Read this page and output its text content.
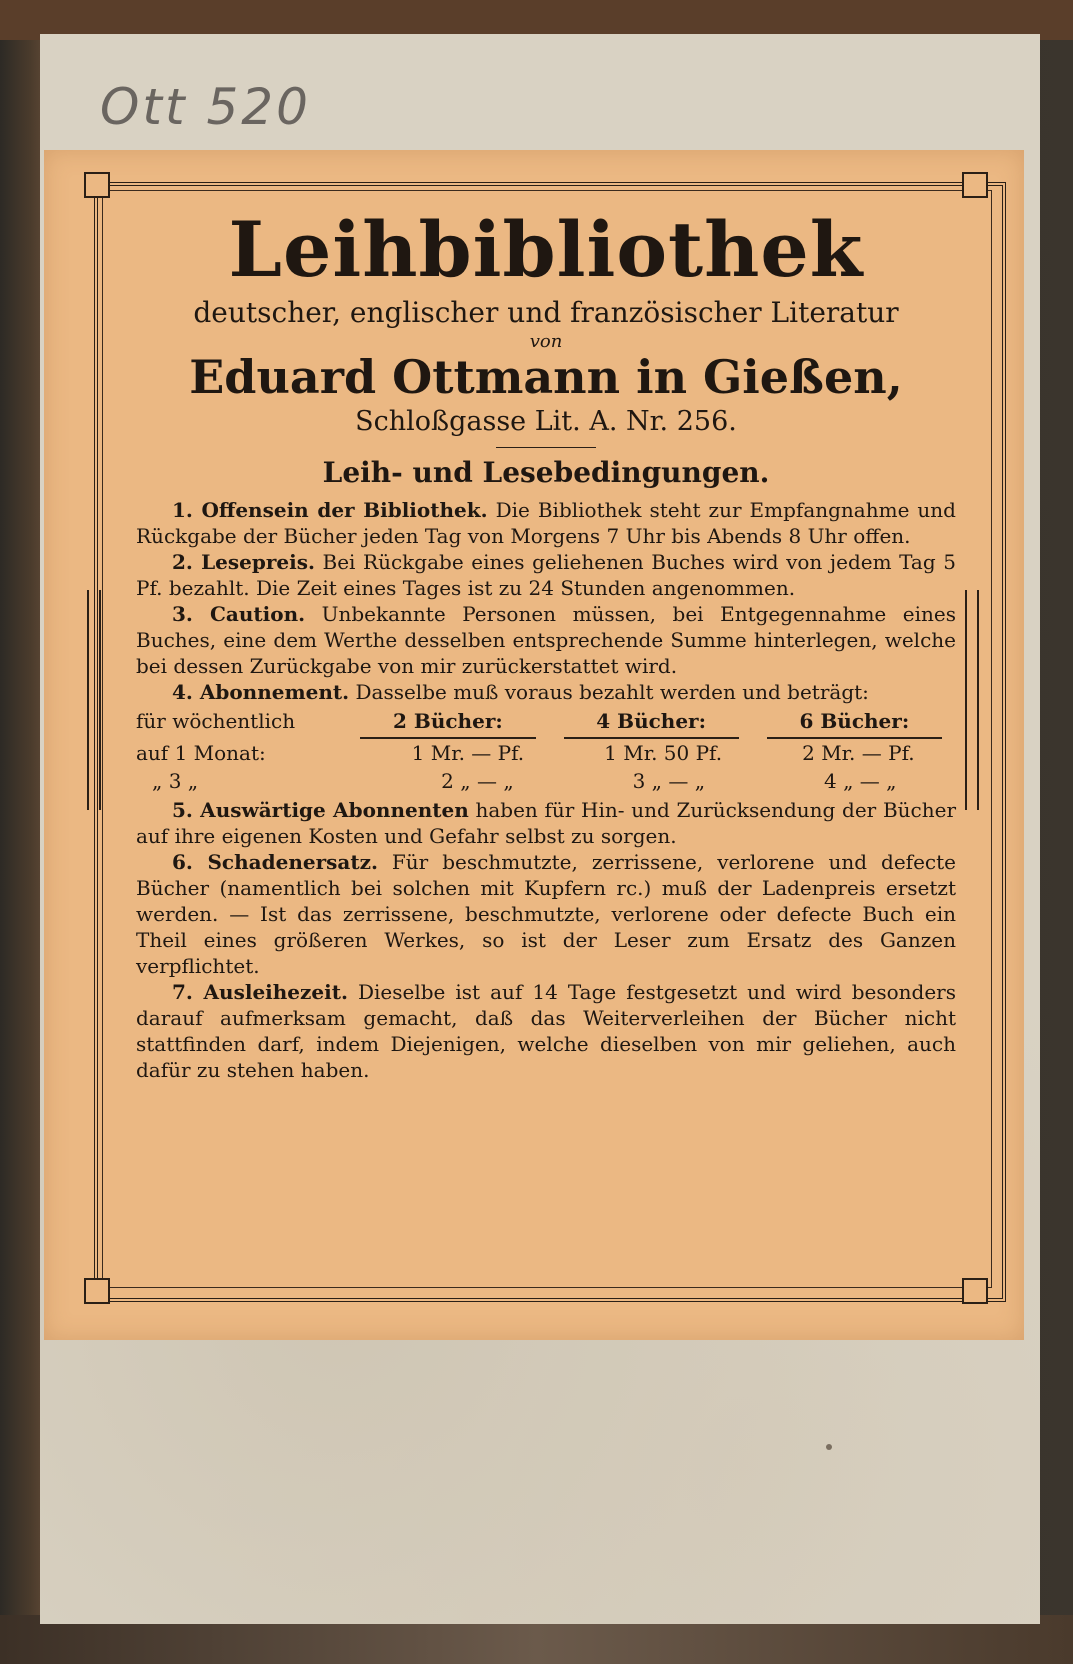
Ott 520
Leihbibliothek
deutscher, englischer und französischer Literatur
von
Eduard Ottmann in Gießen,
Schloßgasse Lit. A. Nr. 256.
Leih- und Lesebedingungen.

1. Offensein der Bibliothek. Die Bibliothek steht zur Empfangnahme und Rückgabe der Bücher jeden Tag von Morgens 7 Uhr bis Abends 8 Uhr offen.

2. Lesepreis. Bei Rückgabe eines geliehenen Buches wird von jedem Tag 5 Pf. bezahlt. Die Zeit eines Tages ist zu 24 Stunden angenommen.

3. Caution. Unbekannte Personen müssen, bei Entgegennahme eines Buches, eine dem Werthe desselben entsprechende Summe hinterlegen, welche bei dessen Zurückgabe von mir zurückerstattet wird.

4. Abonnement. Dasselbe muß voraus bezahlt werden und beträgt:

für wöchentlich	2 Bücher:	4 Bücher:	6 Bücher:
auf 1 Monat:	1 Mr. — Pf.	1 Mr. 50 Pf.	2 Mr. — Pf.
„ 3 „	2 „ — „	3 „ — „	4 „ — „

5. Auswärtige Abonnenten haben für Hin- und Zurücksendung der Bücher auf ihre eigenen Kosten und Gefahr selbst zu sorgen.

6. Schadenersatz. Für beschmutzte, zerrissene, verlorene und defecte Bücher (namentlich bei solchen mit Kupfern rc.) muß der Ladenpreis ersetzt werden. — Ist das zerrissene, beschmutzte, verlorene oder defecte Buch ein Theil eines größeren Werkes, so ist der Leser zum Ersatz des Ganzen verpflichtet.

7. Ausleihezeit. Dieselbe ist auf 14 Tage festgesetzt und wird besonders darauf aufmerksam gemacht, daß das Weiterverleihen der Bücher nicht stattfinden darf, indem Diejenigen, welche dieselben von mir geliehen, auch dafür zu stehen haben.
